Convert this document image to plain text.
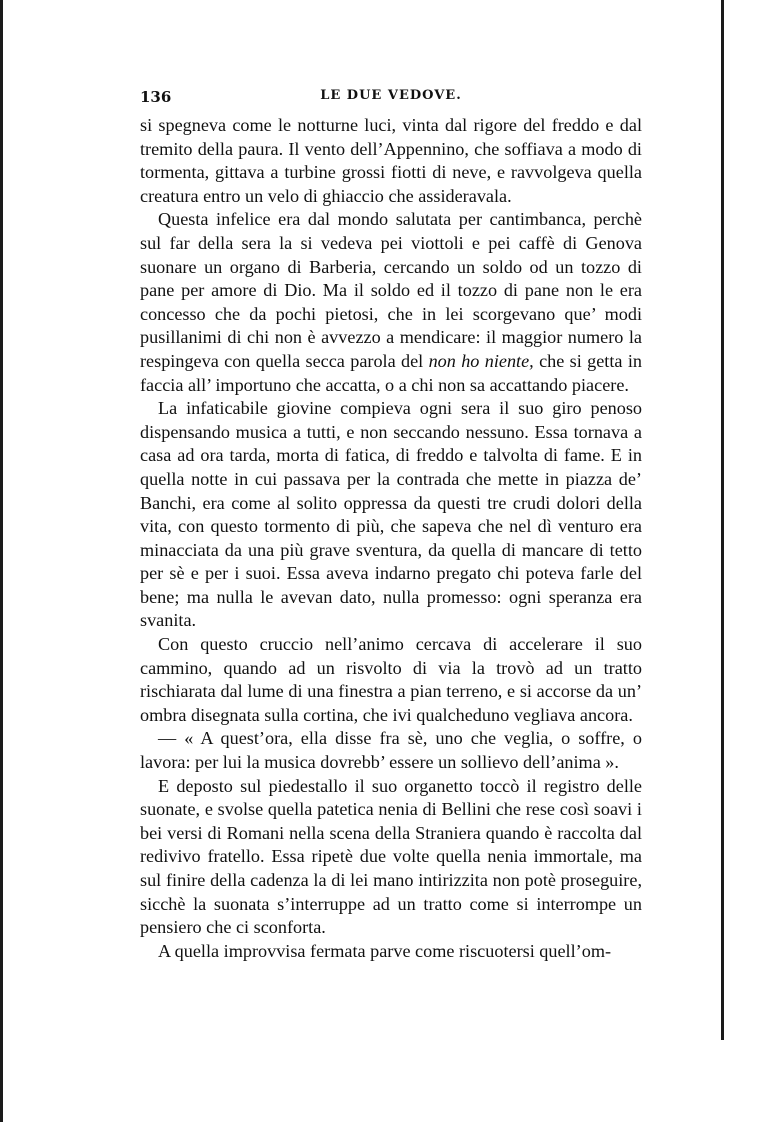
136	LE DUE VEDOVE.

si spegneva come le notturne luci, vinta dal rigore del freddo e dal tremito della paura. Il vento dell’Appennino, che soffiava a modo di tormenta, gittava a turbine grossi fiotti di neve, e ravvolgeva quella creatura entro un velo di ghiaccio che assideravala.

Questa infelice era dal mondo salutata per cantimbanca, perchè sul far della sera la si vedeva pei viottoli e pei caffè di Genova suonare un organo di Barberia, cercando un soldo od un tozzo di pane per amore di Dio. Ma il soldo ed il tozzo di pane non le era concesso che da pochi pietosi, che in lei scorgevano que’ modi pusillanimi di chi non è avvezzo a mendicare: il maggior numero la respingeva con quella secca parola del non ho niente, che si getta in faccia all’ importuno che accatta, o a chi non sa accattando piacere.

La infaticabile giovine compieva ogni sera il suo giro penoso dispensando musica a tutti, e non seccando nessuno. Essa tornava a casa ad ora tarda, morta di fatica, di freddo e talvolta di fame. E in quella notte in cui passava per la contrada che mette in piazza de’ Banchi, era come al solito oppressa da questi tre crudi dolori della vita, con questo tormento di più, che sapeva che nel dì venturo era minacciata da una più grave sventura, da quella di mancare di tetto per sè e per i suoi. Essa aveva indarno pregato chi poteva farle del bene; ma nulla le avevan dato, nulla promesso: ogni speranza era svanita.

Con questo cruccio nell’animo cercava di accelerare il suo cammino, quando ad un risvolto di via la trovò ad un tratto rischiarata dal lume di una finestra a pian terreno, e si accorse da un’ ombra disegnata sulla cortina, che ivi qualcheduno vegliava ancora.

— « A quest’ora, ella disse fra sè, uno che veglia, o soffre, o lavora: per lui la musica dovrebb’ essere un sollievo dell’anima ».

E deposto sul piedestallo il suo organetto toccò il registro delle suonate, e svolse quella patetica nenia di Bellini che rese così soavi i bei versi di Romani nella scena della Straniera quando è raccolta dal redivivo fratello. Essa ripetè due volte quella nenia immortale, ma sul finire della cadenza la di lei mano intirizzita non potè proseguire, sicchè la suonata s’interruppe ad un tratto come si interrompe un pensiero che ci sconforta.

A quella improvvisa fermata parve come riscuotersi quell’om-
